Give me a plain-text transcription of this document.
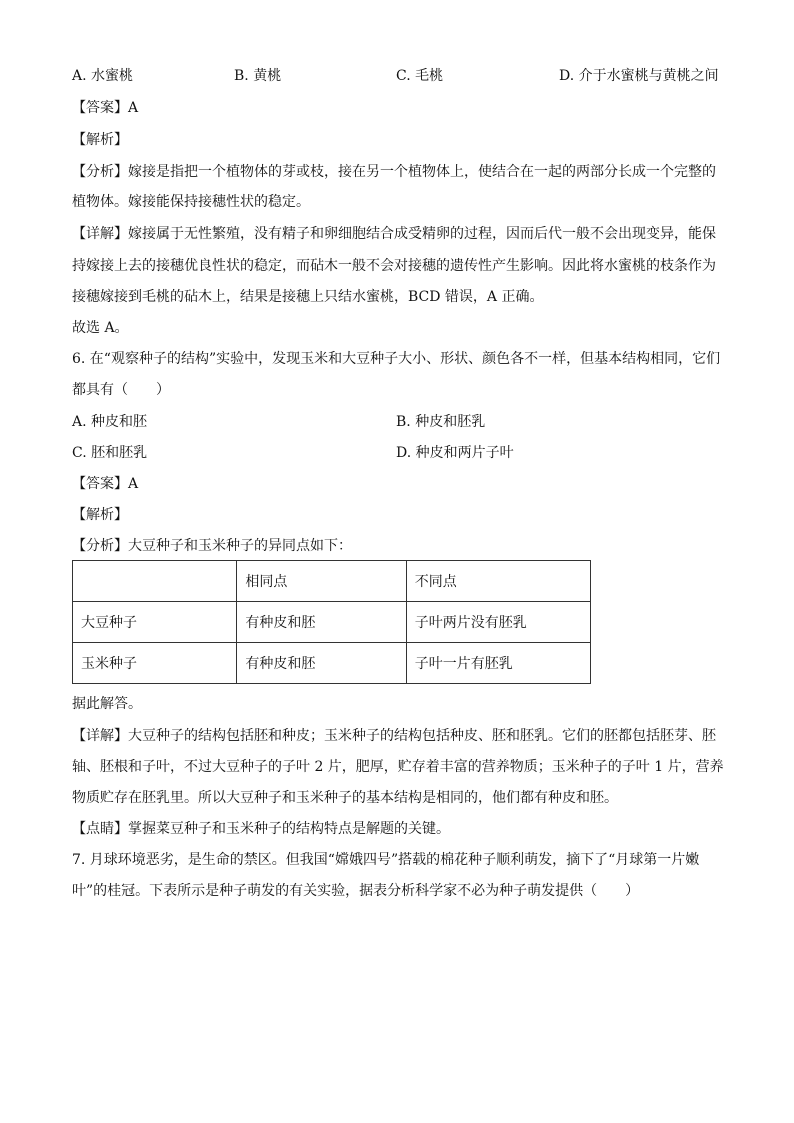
A. 水蜜桃	B. 黄桃	C. 毛桃	D. 介于水蜜桃与黄桃之间
【答案】A
【解析】
【分析】嫁接是指把一个植物体的芽或枝，接在另一个植物体上，使结合在一起的两部分长成一个完整的
植物体。嫁接能保持接穗性状的稳定。
【详解】嫁接属于无性繁殖，没有精子和卵细胞结合成受精卵的过程，因而后代一般不会出现变异，能保
持嫁接上去的接穗优良性状的稳定，而砧木一般不会对接穗的遗传性产生影响。因此将水蜜桃的枝条作为
接穗嫁接到毛桃的砧木上，结果是接穗上只结水蜜桃，BCD 错误，A 正确。
故选 A。
6. 在“观察种子的结构”实验中，发现玉米和大豆种子大小、形状、颜色各不一样，但基本结构相同，它们
都具有（　　）
A. 种皮和胚	B. 种皮和胚乳
C. 胚和胚乳	D. 种皮和两片子叶
【答案】A
【解析】
【分析】大豆种子和玉米种子的异同点如下：
	相同点	不同点
大豆种子	有种皮和胚	子叶两片没有胚乳
玉米种子	有种皮和胚	子叶一片有胚乳
据此解答。
【详解】大豆种子的结构包括胚和种皮；玉米种子的结构包括种皮、胚和胚乳。它们的胚都包括胚芽、胚
轴、胚根和子叶，不过大豆种子的子叶 2 片，肥厚，贮存着丰富的营养物质；玉米种子的子叶 1 片，营养
物质贮存在胚乳里。所以大豆种子和玉米种子的基本结构是相同的，他们都有种皮和胚。
【点睛】掌握菜豆种子和玉米种子的结构特点是解题的关键。
7. 月球环境恶劣，是生命的禁区。但我国“嫦娥四号”搭载的棉花种子顺利萌发，摘下了“月球第一片嫩
叶”的桂冠。下表所示是种子萌发的有关实验，据表分析科学家不必为种子萌发提供（　　）
